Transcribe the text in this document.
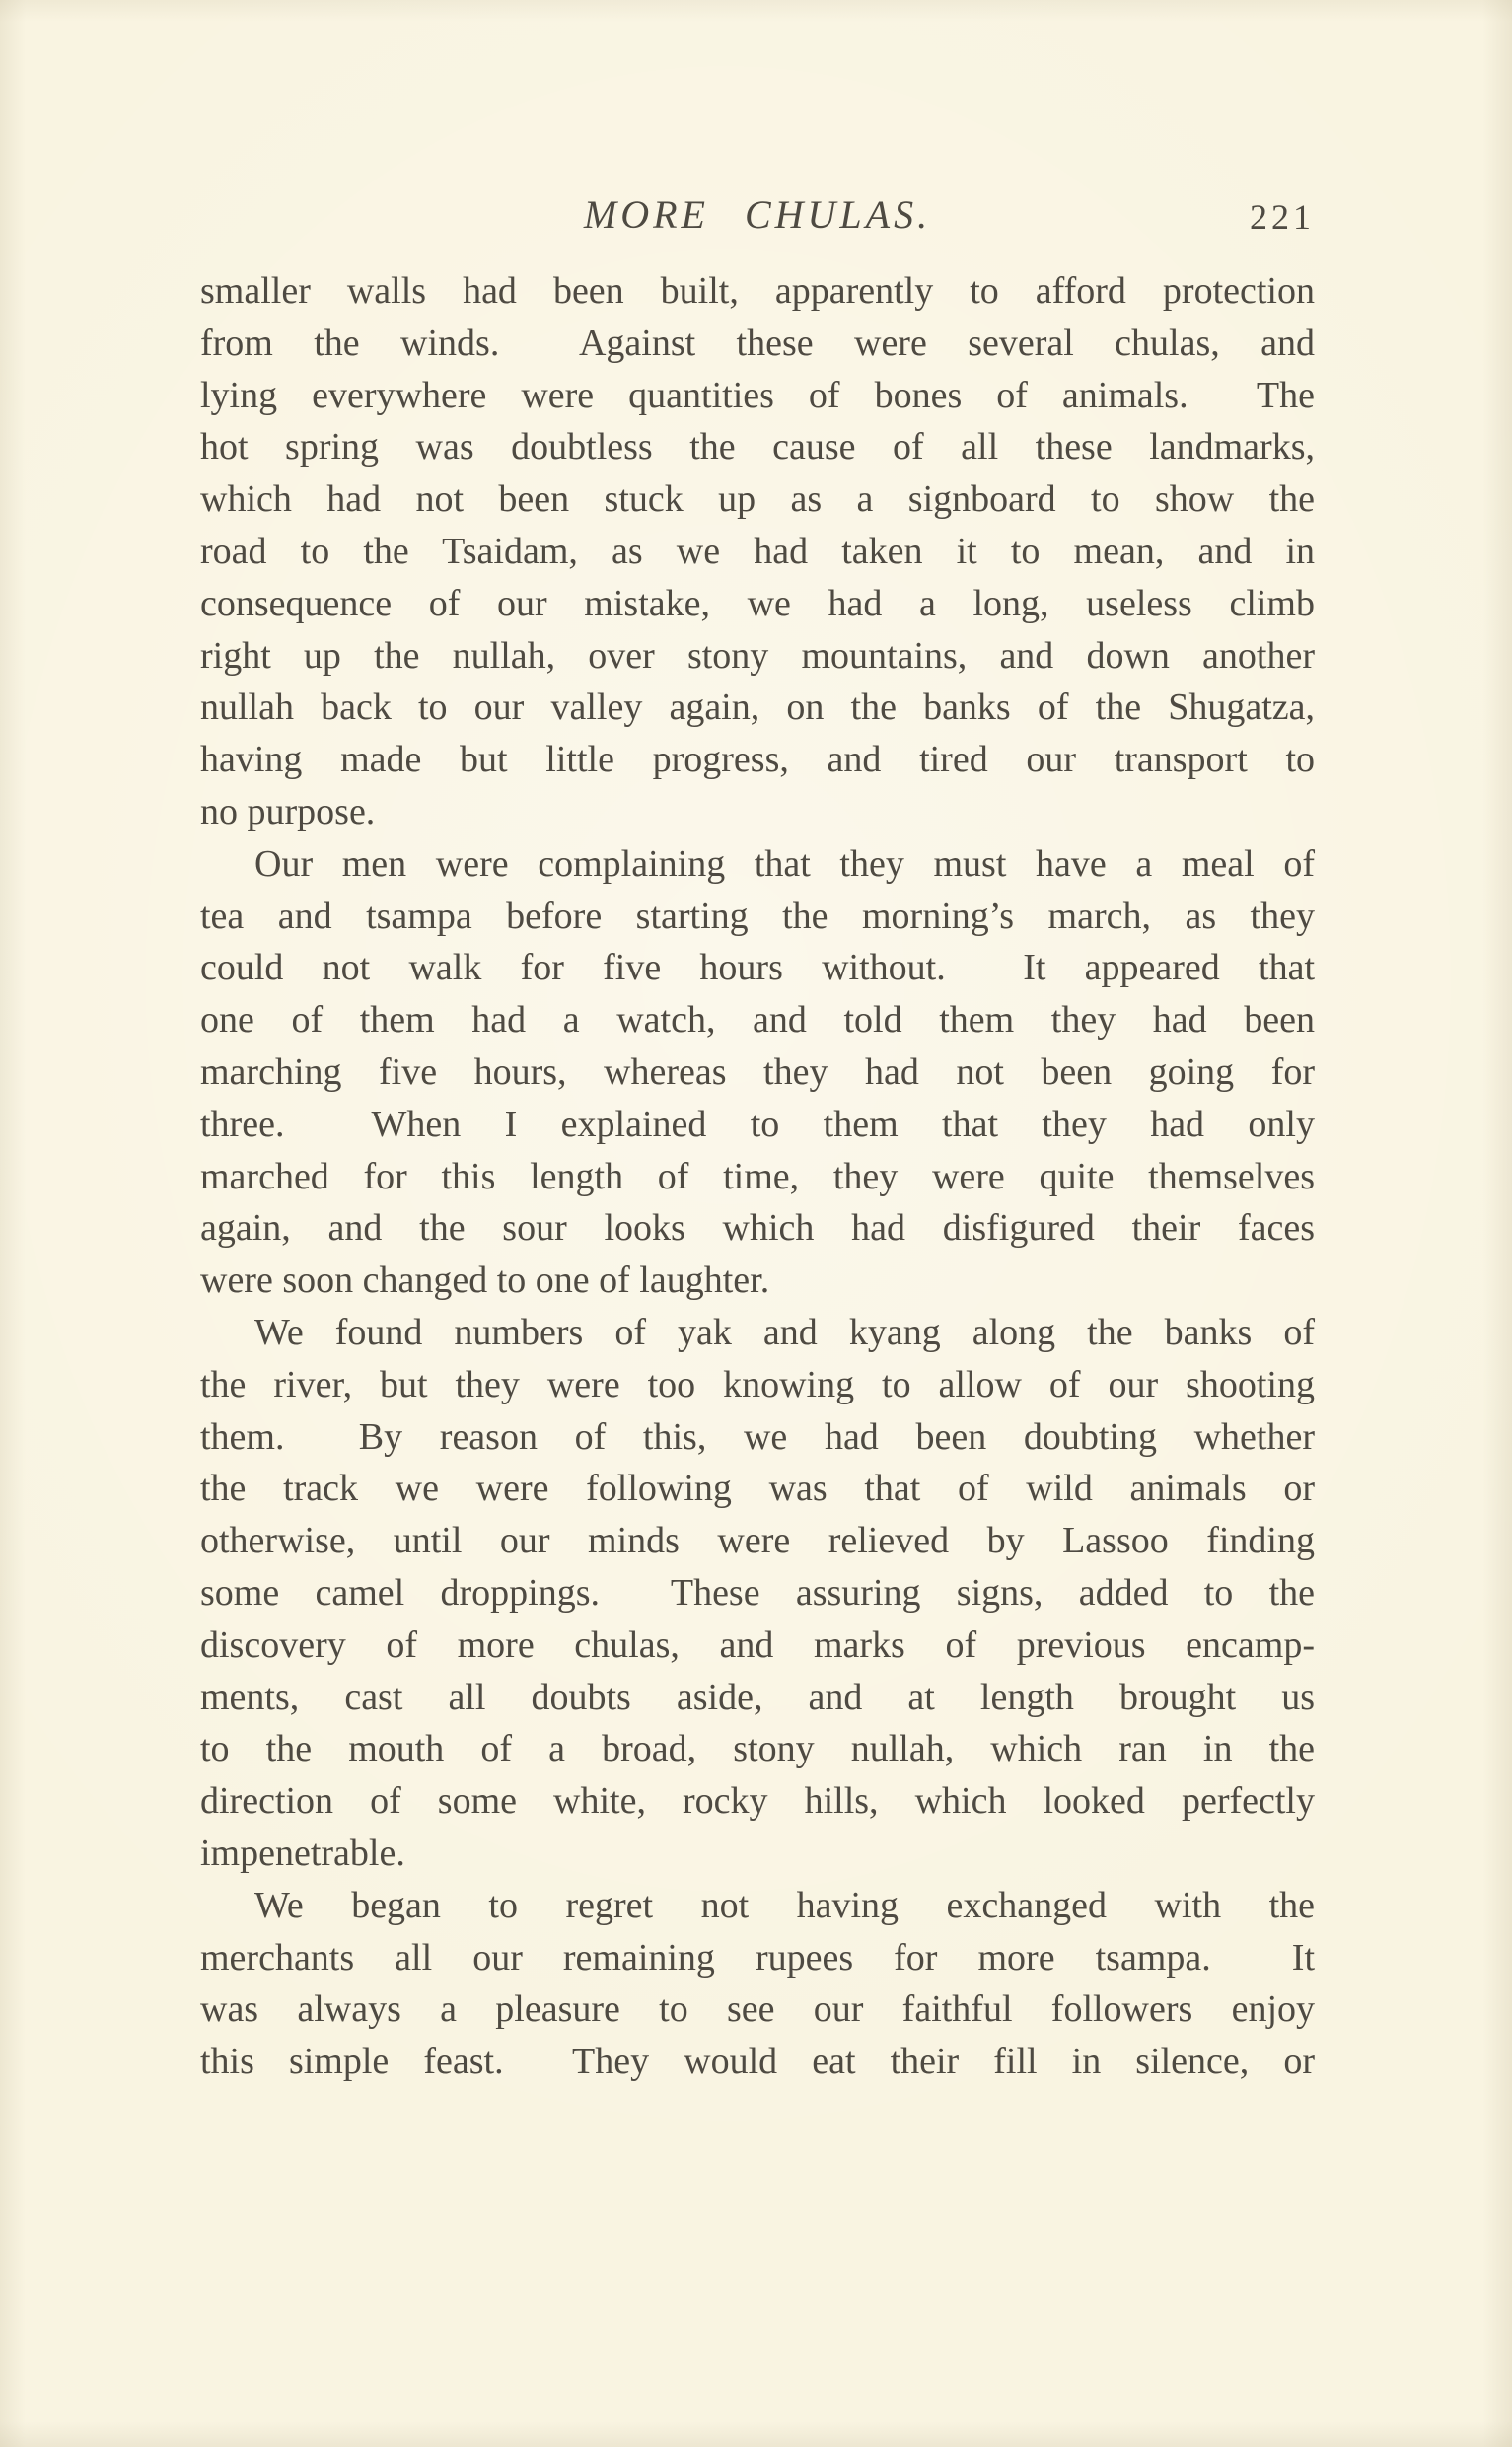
MORE CHULAS.	221
smaller walls had been built, apparently to afford protection
from the winds.  Against these were several chulas, and
lying everywhere were quantities of bones of animals.  The
hot spring was doubtless the cause of all these landmarks,
which had not been stuck up as a signboard to show the
road to the Tsaidam, as we had taken it to mean, and in
consequence of our mistake, we had a long, useless climb
right up the nullah, over stony mountains, and down another
nullah back to our valley again, on the banks of the Shugatza,
having made but little progress, and tired our transport to
no purpose.
Our men were complaining that they must have a meal of
tea and tsampa before starting the morning’s march, as they
could not walk for five hours without.  It appeared that
one of them had a watch, and told them they had been
marching five hours, whereas they had not been going for
three.  When I explained to them that they had only
marched for this length of time, they were quite themselves
again, and the sour looks which had disfigured their faces
were soon changed to one of laughter.
We found numbers of yak and kyang along the banks of
the river, but they were too knowing to allow of our shooting
them.  By reason of this, we had been doubting whether
the track we were following was that of wild animals or
otherwise, until our minds were relieved by Lassoo finding
some camel droppings.  These assuring signs, added to the
discovery of more chulas, and marks of previous encamp-
ments, cast all doubts aside, and at length brought us
to the mouth of a broad, stony nullah, which ran in the
direction of some white, rocky hills, which looked perfectly
impenetrable.
We began to regret not having exchanged with the
merchants all our remaining rupees for more tsampa.  It
was always a pleasure to see our faithful followers enjoy
this simple feast.  They would eat their fill in silence, or
